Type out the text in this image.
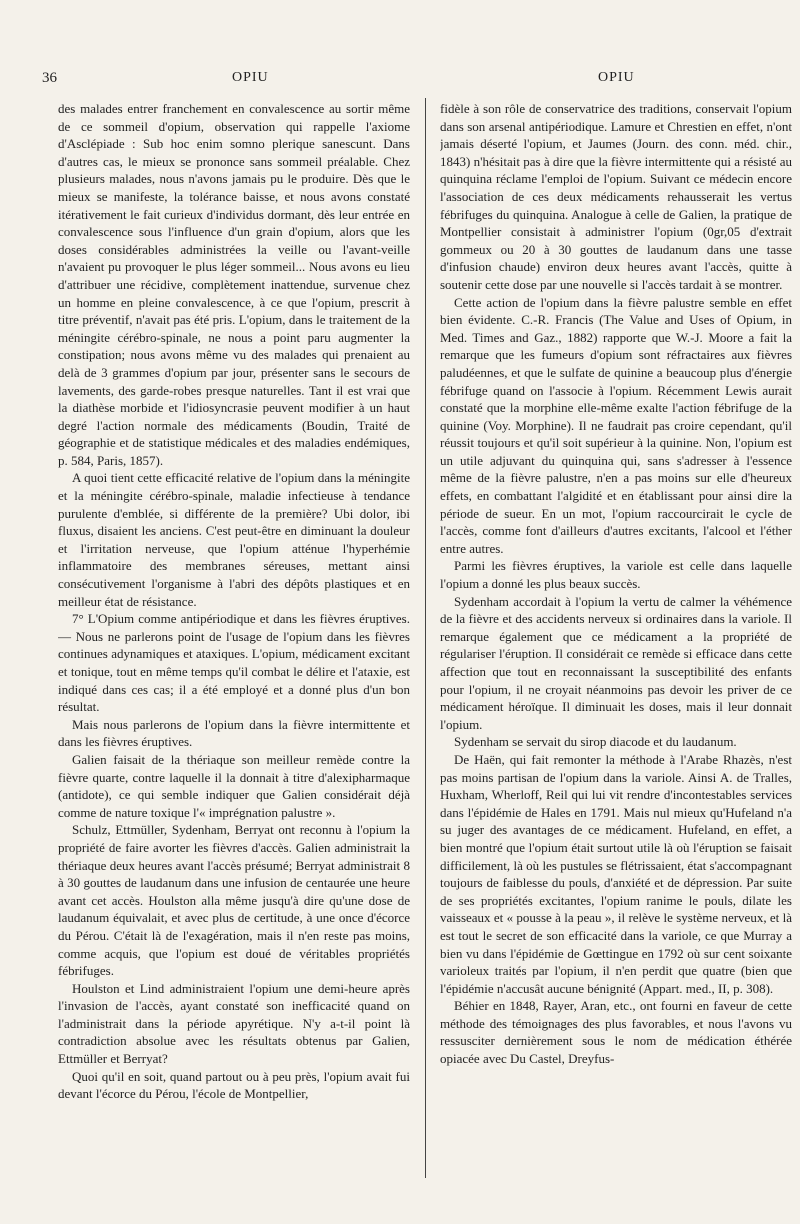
36	OPIU	OPIU

des malades entrer franchement en convalescence au sortir même de ce sommeil d'opium, observation qui rappelle l'axiome d'Asclépiade : Sub hoc enim somno plerique sanescunt. Dans d'autres cas, le mieux se prononce sans sommeil préalable. Chez plusieurs malades, nous n'avons jamais pu le produire. Dès que le mieux se manifeste, la tolérance baisse, et nous avons constaté itérativement le fait curieux d'individus dormant, dès leur entrée en convalescence sous l'influence d'un grain d'opium, alors que les doses considérables administrées la veille ou l'avant-veille n'avaient pu provoquer le plus léger sommeil... Nous avons eu lieu d'attribuer une récidive, complètement inattendue, survenue chez un homme en pleine convalescence, à ce que l'opium, prescrit à titre préventif, n'avait pas été pris. L'opium, dans le traitement de la méningite cérébro-spinale, ne nous a point paru augmenter la constipation; nous avons même vu des malades qui prenaient au delà de 3 grammes d'opium par jour, présenter sans le secours de lavements, des garde-robes presque naturelles. Tant il est vrai que la diathèse morbide et l'idiosyncrasie peuvent modifier à un haut degré l'action normale des médicaments (Boudin, Traité de géographie et de statistique médicales et des maladies endémiques, p. 584, Paris, 1857).

A quoi tient cette efficacité relative de l'opium dans la méningite et la méningite cérébro-spinale, maladie infectieuse à tendance purulente d'emblée, si différente de la première? Ubi dolor, ibi fluxus, disaient les anciens. C'est peut-être en diminuant la douleur et l'irritation nerveuse, que l'opium atténue l'hyperhémie inflammatoire des membranes séreuses, mettant ainsi consécutivement l'organisme à l'abri des dépôts plastiques et en meilleur état de résistance.

7° L'Opium comme antipériodique et dans les fièvres éruptives. — Nous ne parlerons point de l'usage de l'opium dans les fièvres continues adynamiques et ataxiques. L'opium, médicament excitant et tonique, tout en même temps qu'il combat le délire et l'ataxie, est indiqué dans ces cas; il a été employé et a donné plus d'un bon résultat.

Mais nous parlerons de l'opium dans la fièvre intermittente et dans les fièvres éruptives.

Galien faisait de la thériaque son meilleur remède contre la fièvre quarte, contre laquelle il la donnait à titre d'alexipharmaque (antidote), ce qui semble indiquer que Galien considérait déjà comme de nature toxique l'« imprégnation palustre ».

Schulz, Ettmüller, Sydenham, Berryat ont reconnu à l'opium la propriété de faire avorter les fièvres d'accès. Galien administrait la thériaque deux heures avant l'accès présumé; Berryat administrait 8 à 30 gouttes de laudanum dans une infusion de centaurée une heure avant cet accès. Houlston alla même jusqu'à dire qu'une dose de laudanum équivalait, et avec plus de certitude, à une once d'écorce du Pérou. C'était là de l'exagération, mais il n'en reste pas moins, comme acquis, que l'opium est doué de véritables propriétés fébrifuges.

Houlston et Lind administraient l'opium une demi-heure après l'invasion de l'accès, ayant constaté son inefficacité quand on l'administrait dans la période apyrétique. N'y a-t-il point là contradiction absolue avec les résultats obtenus par Galien, Ettmüller et Berryat?

Quoi qu'il en soit, quand partout ou à peu près, l'opium avait fui devant l'écorce du Pérou, l'école de Montpellier,

fidèle à son rôle de conservatrice des traditions, conservait l'opium dans son arsenal antipériodique. Lamure et Chrestien en effet, n'ont jamais déserté l'opium, et Jaumes (Journ. des conn. méd. chir., 1843) n'hésitait pas à dire que la fièvre intermittente qui a résisté au quinquina réclame l'emploi de l'opium. Suivant ce médecin encore l'association de ces deux médicaments rehausserait les vertus fébrifuges du quinquina. Analogue à celle de Galien, la pratique de Montpellier consistait à administrer l'opium (0gr,05 d'extrait gommeux ou 20 à 30 gouttes de laudanum dans une tasse d'infusion chaude) environ deux heures avant l'accès, quitte à soutenir cette dose par une nouvelle si l'accès tardait à se montrer.

Cette action de l'opium dans la fièvre palustre semble en effet bien évidente. C.-R. Francis (The Value and Uses of Opium, in Med. Times and Gaz., 1882) rapporte que W.-J. Moore a fait la remarque que les fumeurs d'opium sont réfractaires aux fièvres paludéennes, et que le sulfate de quinine a beaucoup plus d'énergie fébrifuge quand on l'associe à l'opium. Récemment Lewis aurait constaté que la morphine elle-même exalte l'action fébrifuge de la quinine (Voy. Morphine). Il ne faudrait pas croire cependant, qu'il réussit toujours et qu'il soit supérieur à la quinine. Non, l'opium est un utile adjuvant du quinquina qui, sans s'adresser à l'essence même de la fièvre palustre, n'en a pas moins sur elle d'heureux effets, en combattant l'algidité et en établissant pour ainsi dire la période de sueur. En un mot, l'opium raccourcirait le cycle de l'accès, comme font d'ailleurs d'autres excitants, l'alcool et l'éther entre autres.

Parmi les fièvres éruptives, la variole est celle dans laquelle l'opium a donné les plus beaux succès.

Sydenham accordait à l'opium la vertu de calmer la véhémence de la fièvre et des accidents nerveux si ordinaires dans la variole. Il remarque également que ce médicament a la propriété de régulariser l'éruption. Il considérait ce remède si efficace dans cette affection que tout en reconnaissant la susceptibilité des enfants pour l'opium, il ne croyait néanmoins pas devoir les priver de ce médicament héroïque. Il diminuait les doses, mais il leur donnait l'opium.

Sydenham se servait du sirop diacode et du laudanum.

De Haën, qui fait remonter la méthode à l'Arabe Rhazès, n'est pas moins partisan de l'opium dans la variole. Ainsi A. de Tralles, Huxham, Wherloff, Reil qui lui vit rendre d'incontestables services dans l'épidémie de Hales en 1791. Mais nul mieux qu'Hufeland n'a su juger des avantages de ce médicament. Hufeland, en effet, a bien montré que l'opium était surtout utile là où l'éruption se faisait difficilement, là où les pustules se flétrissaient, état s'accompagnant toujours de faiblesse du pouls, d'anxiété et de dépression. Par suite de ses propriétés excitantes, l'opium ranime le pouls, dilate les vaisseaux et « pousse à la peau », il relève le système nerveux, et là est tout le secret de son efficacité dans la variole, ce que Murray a bien vu dans l'épidémie de Gœttingue en 1792 où sur cent soixante varioleux traités par l'opium, il n'en perdit que quatre (bien que l'épidémie n'accusât aucune bénignité (Appart. med., II, p. 308).

Béhier en 1848, Rayer, Aran, etc., ont fourni en faveur de cette méthode des témoignages des plus favorables, et nous l'avons vu ressusciter dernièrement sous le nom de médication éthérée opiacée avec Du Castel, Dreyfus-
